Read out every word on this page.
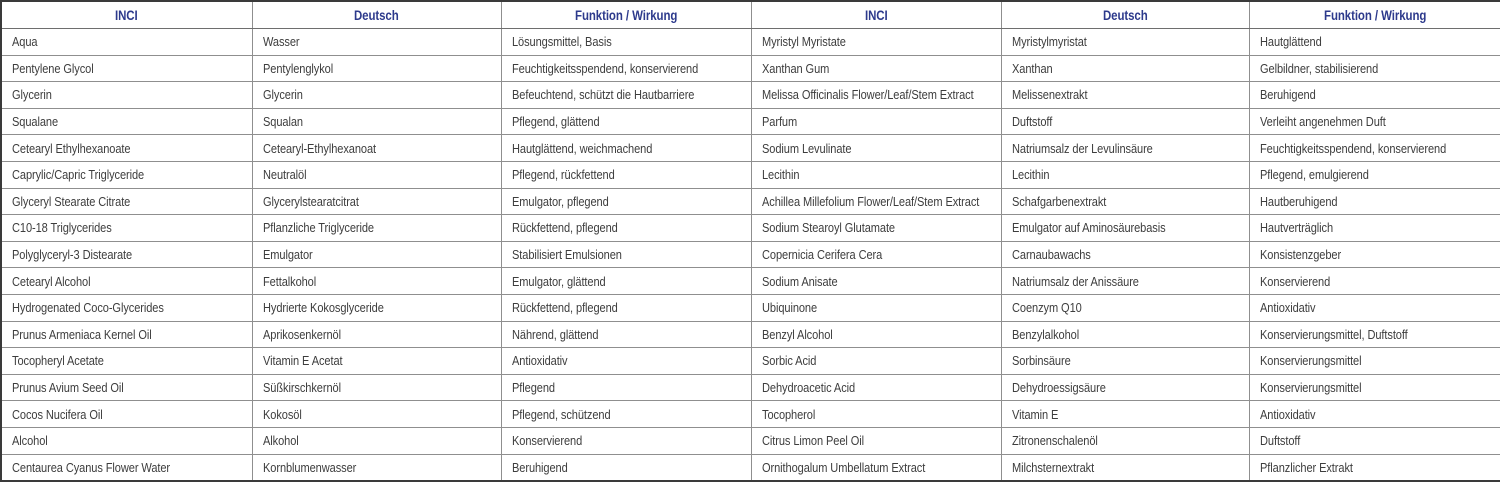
INCI	Deutsch	Funktion / Wirkung	INCI	Deutsch	Funktion / Wirkung
Aqua	Wasser	Lösungsmittel, Basis	Myristyl Myristate	Myristylmyristat	Hautglättend
Pentylene Glycol	Pentylenglykol	Feuchtigkeitsspendend, konservierend	Xanthan Gum	Xanthan	Gelbildner, stabilisierend
Glycerin	Glycerin	Befeuchtend, schützt die Hautbarriere	Melissa Officinalis Flower/Leaf/Stem Extract	Melissenextrakt	Beruhigend
Squalane	Squalan	Pflegend, glättend	Parfum	Duftstoff	Verleiht angenehmen Duft
Cetearyl Ethylhexanoate	Cetearyl-Ethylhexanoat	Hautglättend, weichmachend	Sodium Levulinate	Natriumsalz der Levulinsäure	Feuchtigkeitsspendend, konservierend
Caprylic/Capric Triglyceride	Neutralöl	Pflegend, rückfettend	Lecithin	Lecithin	Pflegend, emulgierend
Glyceryl Stearate Citrate	Glycerylstearatcitrat	Emulgator, pflegend	Achillea Millefolium Flower/Leaf/Stem Extract	Schafgarbenextrakt	Hautberuhigend
C10-18 Triglycerides	Pflanzliche Triglyceride	Rückfettend, pflegend	Sodium Stearoyl Glutamate	Emulgator auf Aminosäurebasis	Hautverträglich
Polyglyceryl-3 Distearate	Emulgator	Stabilisiert Emulsionen	Copernicia Cerifera Cera	Carnaubawachs	Konsistenzgeber
Cetearyl Alcohol	Fettalkohol	Emulgator, glättend	Sodium Anisate	Natriumsalz der Anissäure	Konservierend
Hydrogenated Coco-Glycerides	Hydrierte Kokosglyceride	Rückfettend, pflegend	Ubiquinone	Coenzym Q10	Antioxidativ
Prunus Armeniaca Kernel Oil	Aprikosenkernöl	Nährend, glättend	Benzyl Alcohol	Benzylalkohol	Konservierungsmittel, Duftstoff
Tocopheryl Acetate	Vitamin E Acetat	Antioxidativ	Sorbic Acid	Sorbinsäure	Konservierungsmittel
Prunus Avium Seed Oil	Süßkirschkernöl	Pflegend	Dehydroacetic Acid	Dehydroessigsäure	Konservierungsmittel
Cocos Nucifera Oil	Kokosöl	Pflegend, schützend	Tocopherol	Vitamin E	Antioxidativ
Alcohol	Alkohol	Konservierend	Citrus Limon Peel Oil	Zitronenschalenöl	Duftstoff
Centaurea Cyanus Flower Water	Kornblumenwasser	Beruhigend	Ornithogalum Umbellatum Extract	Milchsternextrakt	Pflanzlicher Extrakt
